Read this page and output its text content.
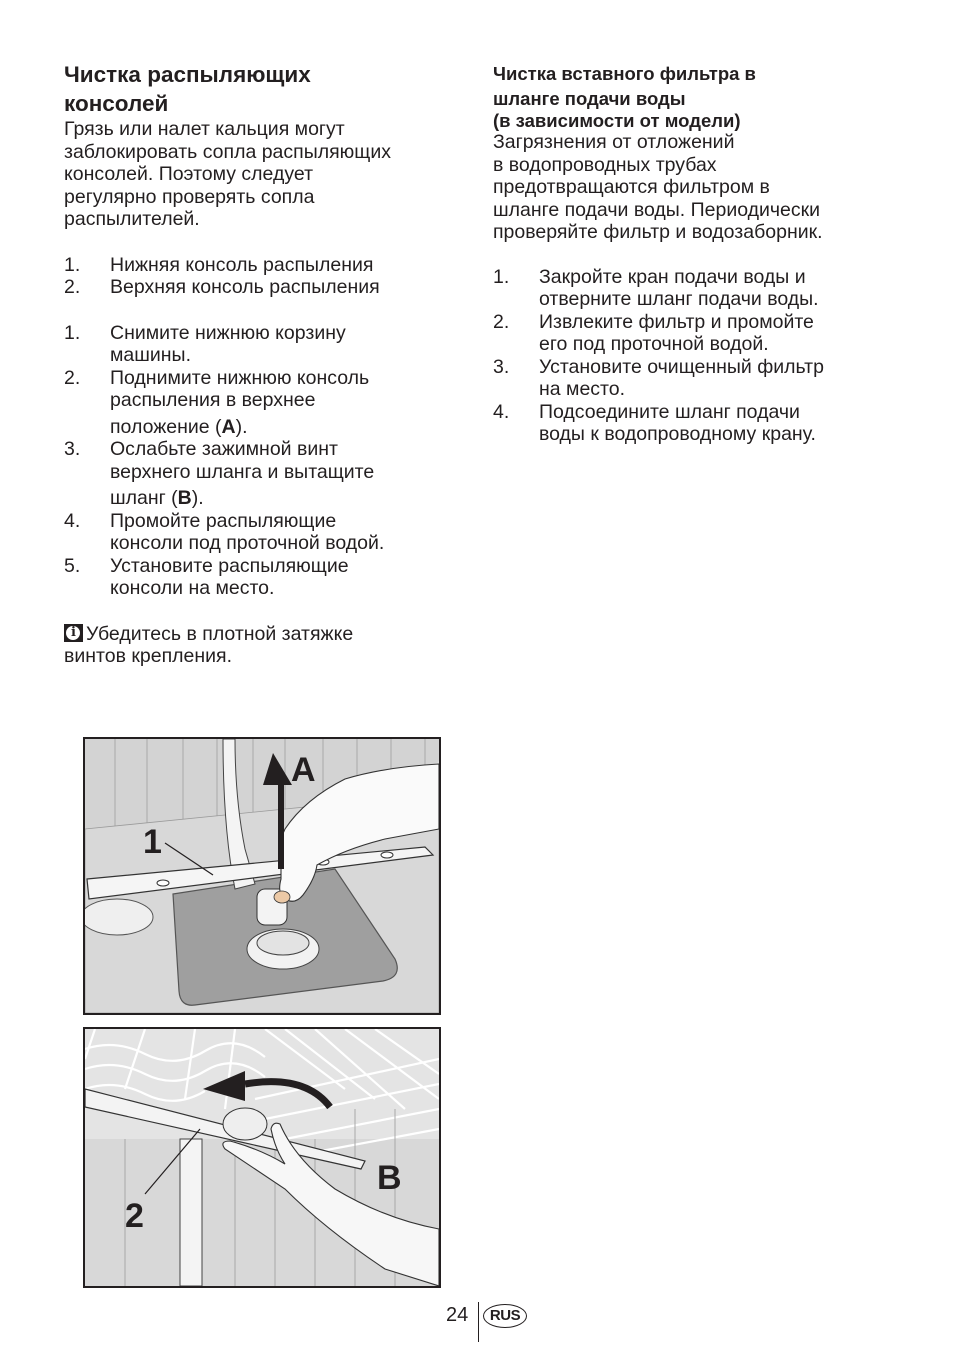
Чистка распыляющих
консолей
Грязь или налет кальция могут
заблокировать сопла распыляющих
консолей. Поэтому следует
регулярно проверять сопла
распылителей.
1.	Нижняя консоль распыления
2.	Верхняя консоль распыления
1.	Снимите нижнюю корзину
машины.
2.	Поднимите нижнюю консоль
распыления в верхнее
положение (A).
3.	Ослабьте зажимной винт
верхнего шланга и вытащите
шланг (B).
4.	Промойте распыляющие
консоли под проточной водой.
5.	Установите распыляющие
консоли на место.
iУбедитесь в плотной затяжке
винтов крепления.
Чистка вставного фильтра в
шланге подачи воды
(в зависимости от модели)
Загрязнения от отложений
в водопроводных трубах
предотвращаются фильтром в
шланге подачи воды. Периодически
проверяйте фильтр и водозаборник.
1.	Закройте кран подачи воды и
отверните шланг подачи воды.
2.	Извлеките фильтр и промойте
его под проточной водой.
3.	Установите очищенный фильтр
на место.
4.	Подсоедините шланг подачи
воды к водопроводному крану.
A
1
2
B
24	RUS
